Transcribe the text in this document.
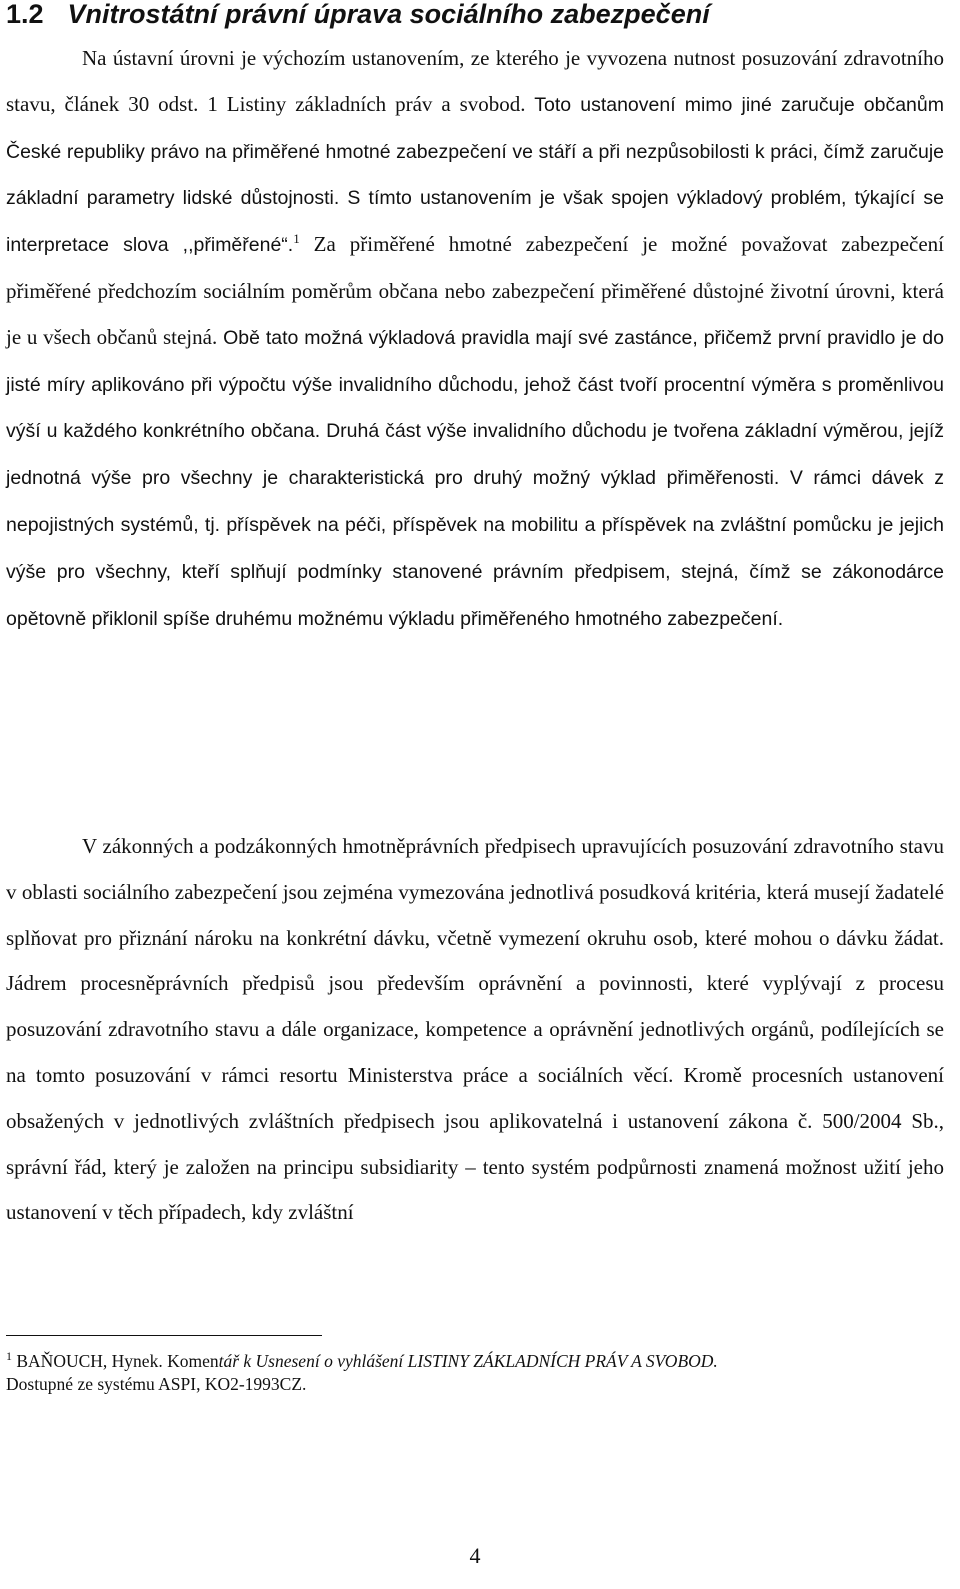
1.2 Vnitrostátní právní úprava sociálního zabezpečení

Na ústavní úrovni je výchozím ustanovením, ze kterého je vyvozena nutnost posuzování zdravotního stavu, článek 30 odst. 1 Listiny základních práv a svobod. Toto ustanovení mimo jiné zaručuje občanům České republiky právo na přiměřené hmotné zabezpečení ve stáří a při nezpůsobilosti k práci, čímž zaručuje základní parametry lidské důstojnosti. S tímto ustanovením je však spojen výkladový problém, týkající se interpretace slova ,,přiměřené“.$^1$ Za přiměřené hmotné zabezpečení je možné považovat zabezpečení přiměřené předchozím sociálním poměrům občana nebo zabezpečení přiměřené důstojné životní úrovni, která je u všech občanů stejná. Obě tato možná výkladová pravidla mají své zastánce, přičemž první pravidlo je do jisté míry aplikováno při výpočtu výše invalidního důchodu, jehož část tvoří procentní výměra s proměnlivou výší u každého konkrétního občana. Druhá část výše invalidního důchodu je tvořena základní výměrou, jejíž jednotná výše pro všechny je charakteristická pro druhý možný výklad přiměřenosti. V rámci dávek z nepojistných systémů, tj. příspěvek na péči, příspěvek na mobilitu a příspěvek na zvláštní pomůcku je jejich výše pro všechny, kteří splňují podmínky stanovené právním předpisem, stejná, čímž se zákonodárce opětovně přiklonil spíše druhému možnému výkladu přiměřeného hmotného zabezpečení.

V zákonných a podzákonných hmotněprávních předpisech upravujících posuzování zdravotního stavu v oblasti sociálního zabezpečení jsou zejména vymezována jednotlivá posudková kritéria, která musejí žadatelé splňovat pro přiznání nároku na konkrétní dávku, včetně vymezení okruhu osob, které mohou o dávku žádat. Jádrem procesněprávních předpisů jsou především oprávnění a povinnosti, které vyplývají z procesu posuzování zdravotního stavu a dále organizace, kompetence a oprávnění jednotlivých orgánů, podílejících se na tomto posuzování v rámci resortu Ministerstva práce a sociálních věcí. Kromě procesních ustanovení obsažených v jednotlivých zvláštních předpisech jsou aplikovatelná i ustanovení zákona č. 500/2004 Sb., správní řád, který je založen na principu subsidiarity – tento systém podpůrnosti znamená možnost užití jeho ustanovení v těch případech, kdy zvláštní

$^1$ BAŇOUCH, Hynek. Komentář k Usnesení o vyhlášení LISTINY ZÁKLADNÍCH PRÁV A SVOBOD.
Dostupné ze systému ASPI, KO2-1993CZ.
4
